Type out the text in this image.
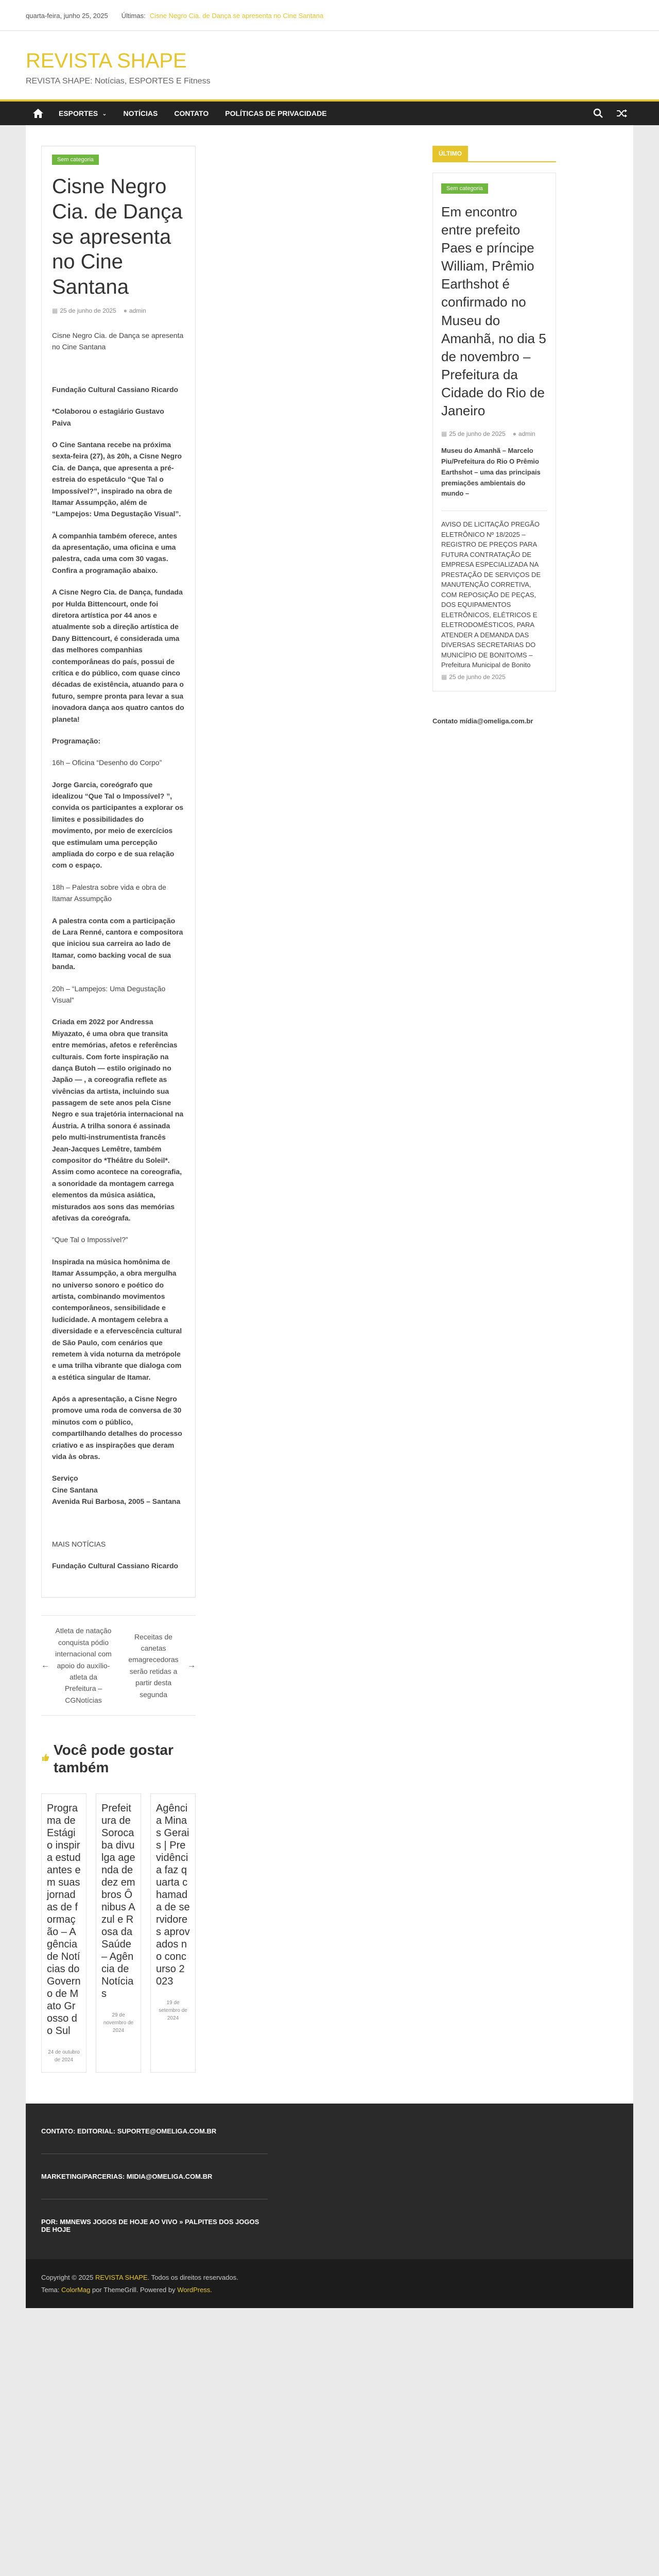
quarta-feira, junho 25, 2025 Últimas: Cisne Negro Cia. de Dança se apresenta no Cine Santana
REVISTA SHAPE
REVISTA SHAPE: Notícias, ESPORTES E Fitness
ESPORTES ⌄	NOTÍCIAS	CONTATO	POLÍTICAS DE PRIVACIDADE
Sem categoria
Cisne Negro Cia. de Dança se apresenta no Cine Santana
▦ 25 de junho de 2025 ● admin

Cisne Negro Cia. de Dança se apresenta no Cine Santana

Fundação Cultural Cassiano Ricardo

*Colaborou o estagiário Gustavo Paiva

O Cine Santana recebe na próxima sexta-feira (27), às 20h, a Cisne Negro Cia. de Dança, que apresenta a pré-estreia do espetáculo “Que Tal o Impossível?”, inspirado na obra de Itamar Assumpção, além de “Lampejos: Uma Degustação Visual”.

A companhia também oferece, antes da apresentação, uma oficina e uma palestra, cada uma com 30 vagas. Confira a programação abaixo.

A Cisne Negro Cia. de Dança, fundada por Hulda Bittencourt, onde foi diretora artística por 44 anos e atualmente sob a direção artística de Dany Bittencourt, é considerada uma das melhores companhias contemporâneas do país, possui de crítica e do público, com quase cinco décadas de existência, atuando para o futuro, sempre pronta para levar a sua inovadora dança aos quatro cantos do planeta!

Programação:

16h – Oficina “Desenho do Corpo”

Jorge Garcia, coreógrafo que idealizou “Que Tal o Impossível? ”, convida os participantes a explorar os limites e possibilidades do movimento, por meio de exercícios que estimulam uma percepção ampliada do corpo e de sua relação com o espaço.

18h – Palestra sobre vida e obra de Itamar Assumpção

A palestra conta com a participação de Lara Renné, cantora e compositora que iniciou sua carreira ao lado de Itamar, como backing vocal de sua banda.

20h – “Lampejos: Uma Degustação Visual”

Criada em 2022 por Andressa Miyazato, é uma obra que transita entre memórias, afetos e referências culturais. Com forte inspiração na dança Butoh — estilo originado no Japão — , a coreografia reflete as vivências da artista, incluindo sua passagem de sete anos pela Cisne Negro e sua trajetória internacional na Áustria. A trilha sonora é assinada pelo multi-instrumentista francês Jean-Jacques Lemêtre, também compositor do *Théâtre du Soleil*. Assim como acontece na coreografia, a sonoridade da montagem carrega elementos da música asiática, misturados aos sons das memórias afetivas da coreógrafa.

“Que Tal o Impossível?”

Inspirada na música homônima de Itamar Assumpção, a obra mergulha no universo sonoro e poético do artista, combinando movimentos contemporâneos, sensibilidade e ludicidade. A montagem celebra a diversidade e a efervescência cultural de São Paulo, com cenários que remetem à vida noturna da metrópole e uma trilha vibrante que dialoga com a estética singular de Itamar.

Após a apresentação, a Cisne Negro promove uma roda de conversa de 30 minutos com o público, compartilhando detalhes do processo criativo e as inspirações que deram vida às obras.

Serviço
Cine Santana
Avenida Rui Barbosa, 2005 – Santana

MAIS NOTÍCIAS

Fundação Cultural Cassiano Ricardo

←
Atleta de natação conquista pódio internacional com apoio do auxílio-atleta da Prefeitura – CGNotícias
Receitas de canetas emagrecedoras serão retidas a partir desta segunda
→
Você pode gostar também
Programa de Estágio inspira estudantes em suas jornadas de formação – Agência de Notícias do Governo de Mato Grosso do Sul
24 de outubro de 2024
Prefeitura de Sorocaba divulga agenda de dez embros Ônibus Azul e Rosa da Saúde – Agência de Notícias
29 de novembro de 2024
Agência Minas Gerais | Previdência faz quarta chamada de servidores aprovados no concurso 2023
19 de setembro de 2024
ÚLTIMO
Sem categoria
Em encontro entre prefeito Paes e príncipe William, Prêmio Earthshot é confirmado no Museu do Amanhã, no dia 5 de novembro – Prefeitura da Cidade do Rio de Janeiro
▦ 25 de junho de 2025 ● admin
Museu do Amanhã – Marcelo Piu/Prefeitura do Rio O Prêmio Earthshot – uma das principais premiações ambientais do mundo –
AVISO DE LICITAÇÃO PREGÃO ELETRÔNICO Nº 18/2025 – REGISTRO DE PREÇOS PARA FUTURA CONTRATAÇÃO DE EMPRESA ESPECIALIZADA NA PRESTAÇÃO DE SERVIÇOS DE MANUTENÇÃO CORRETIVA, COM REPOSIÇÃO DE PEÇAS, DOS EQUIPAMENTOS ELETRÔNICOS, ELÉTRICOS E ELETRODOMÉSTICOS, PARA ATENDER A DEMANDA DAS DIVERSAS SECRETARIAS DO MUNICÍPIO DE BONITO/MS – Prefeitura Municipal de Bonito
▦ 25 de junho de 2025
Contato mídia@omeliga.com.br
CONTATO: EDITORIAL: SUPORTE@OMELIGA.COM.BR
MARKETING/PARCERIAS: MIDIA@OMELIGA.COM.BR
POR: MMNEWS JOGOS DE HOJE AO VIVO » PALPITES DOS JOGOS DE HOJE
Copyright © 2025 REVISTA SHAPE. Todos os direitos reservados.
Tema: ColorMag por ThemeGrill. Powered by WordPress.
